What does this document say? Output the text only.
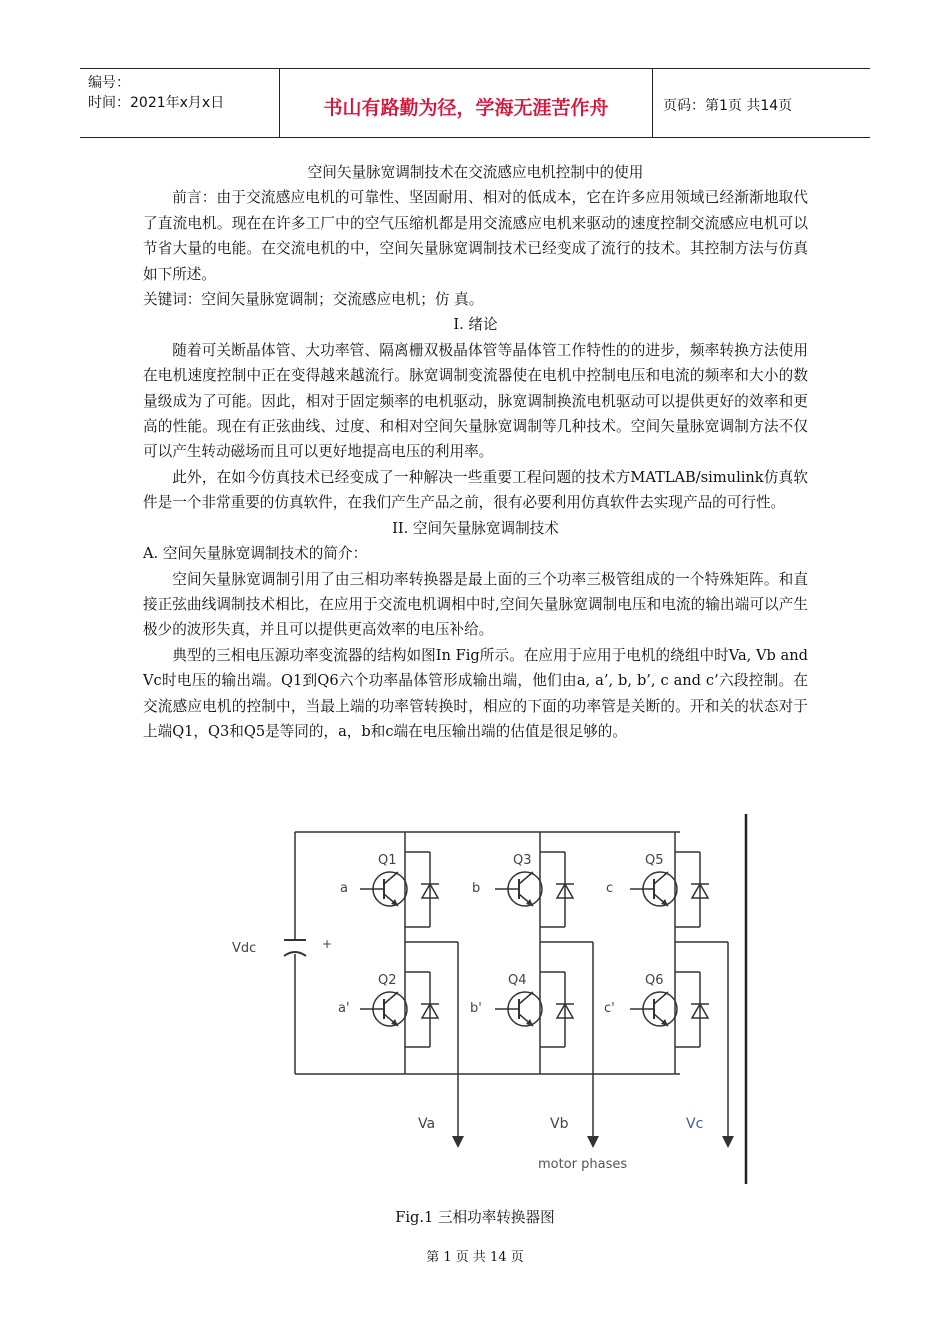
编号：
时间：2021年x月x日	书山有路勤为径，学海无涯苦作舟	页码：第1页 共14页

空间矢量脉宽调制技术在交流感应电机控制中的使用

前言：由于交流感应电机的可靠性、坚固耐用、相对的低成本，它在许多应用领域已经渐渐地取代了直流电机。现在在许多工厂中的空气压缩机都是用交流感应电机来驱动的速度控制交流感应电机可以节省大量的电能。在交流电机的中，空间矢量脉宽调制技术已经变成了流行的技术。其控制方法与仿真如下所述。

关键词：空间矢量脉宽调制；交流感应电机；仿 真。

I. 绪论

随着可关断晶体管、大功率管、隔离栅双极晶体管等晶体管工作特性的的进步，频率转换方法使用在电机速度控制中正在变得越来越流行。脉宽调制变流器使在电机中控制电压和电流的频率和大小的数量级成为了可能。因此，相对于固定频率的电机驱动，脉宽调制换流电机驱动可以提供更好的效率和更高的性能。现在有正弦曲线、过度、和相对空间矢量脉宽调制等几种技术。空间矢量脉宽调制方法不仅可以产生转动磁场而且可以更好地提高电压的利用率。

此外，在如今仿真技术已经变成了一种解决一些重要工程问题的技术方MATLAB/simulink仿真软件是一个非常重要的仿真软件，在我们产生产品之前，很有必要利用仿真软件去实现产品的可行性。

II. 空间矢量脉宽调制技术

A. 空间矢量脉宽调制技术的简介：

空间矢量脉宽调制引用了由三相功率转换器是最上面的三个功率三极管组成的一个特殊矩阵。和直接正弦曲线调制技术相比，在应用于交流电机调相中时,空间矢量脉宽调制电压和电流的输出端可以产生极少的波形失真，并且可以提供更高效率的电压补给。

典型的三相电压源功率变流器的结构如图In Fig所示。在应用于应用于电机的绕组中时Va, Vb and Vc时电压的输出端。Q1到Q6六个功率晶体管形成输出端，他们由a, a’, b, b’, c and c’六段控制。在交流感应电机的控制中，当最上端的功率管转换时，相应的下面的功率管是关断的。开和关的状态对于上端Q1，Q3和Q5是等同的，a，b和c端在电压输出端的估值是很足够的。

Vdc	+
Q1
Q2
a
a'
Va
Q3
Q4
b
b'
Vb
Q5
Q6
c
c'
Vc
motor phases
Fig.1 三相功率转换器图
第 1 页 共 14 页
